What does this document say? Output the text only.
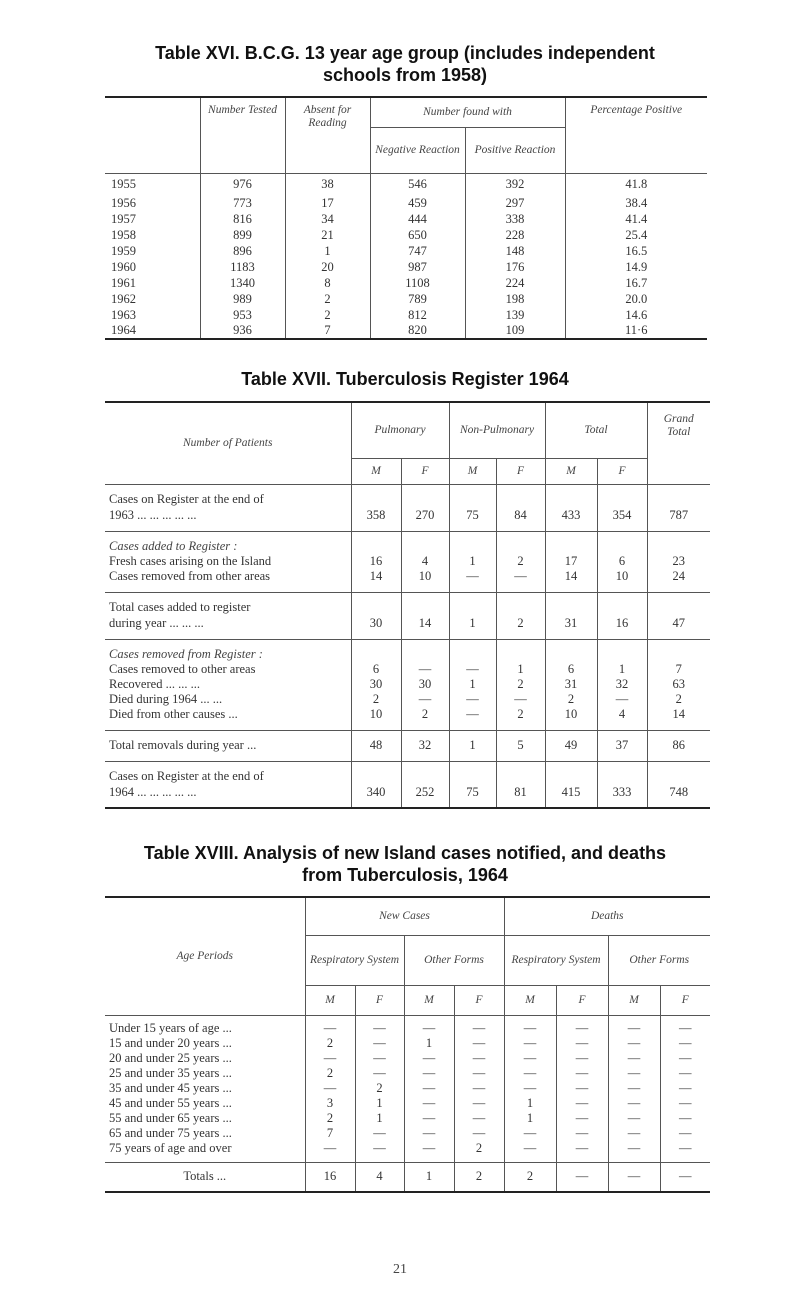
Table XVI. B.C.G. 13 year age group (includes independent
schools from 1958)
	Number Tested	Absent for Reading	Number found with		Percentage Positive
			Negative Reaction	Positive Reaction	
1955	976	38	546	392	41.8
1956	773	17	459	297	38.4
1957	816	34	444	338	41.4
1958	899	21	650	228	25.4
1959	896	1	747	148	16.5
1960	1183	20	987	176	14.9
1961	1340	8	1108	224	16.7
1962	989	2	789	198	20.0
1963	953	2	812	139	14.6
1964	936	7	820	109	11·6
Table XVII. Tuberculosis Register 1964
Number of Patients	Pulmonary		Non-Pulmonary		Total		Grand Total
	M	F	M	F	M	F	

Cases on Register at the end of							
1963 ... ... ... ... ...	358	270	75	84	433	354	787

Cases added to Register :							
Fresh cases arising on the Island	16	4	1	2	17	6	23
Cases removed from other areas	14	10	—	—	14	10	24

Total cases added to register							
during year ... ... ...	30	14	1	2	31	16	47

Cases removed from Register :							
Cases removed to other areas	6	—	—	1	6	1	7
Recovered ... ... ...	30	30	1	2	31	32	63
Died during 1964 ... ...	2	—	—	—	2	—	2
Died from other causes ...	10	2	—	2	10	4	14

Total removals during year ...	48	32	1	5	49	37	86

Cases on Register at the end of							
1964 ... ... ... ... ...	340	252	75	81	415	333	748

Table XVIII. Analysis of new Island cases notified, and deaths
from Tuberculosis, 1964
Age Periods	New Cases				Deaths			
	Respiratory System		Other Forms		Respiratory System		Other Forms	
	M	F	M	F	M	F	M	F

Under 15 years of age ...	—	—	—	—	—	—	—	—
15 and under 20 years ...	2	—	1	—	—	—	—	—
20 and under 25 years ...	—	—	—	—	—	—	—	—
25 and under 35 years ...	2	—	—	—	—	—	—	—
35 and under 45 years ...	—	2	—	—	—	—	—	—
45 and under 55 years ...	3	1	—	—	1	—	—	—
55 and under 65 years ...	2	1	—	—	1	—	—	—
65 and under 75 years ...	7	—	—	—	—	—	—	—
75 years of age and over	—	—	—	2	—	—	—	—

Totals ...	16	4	1	2	2	—	—	—
21
